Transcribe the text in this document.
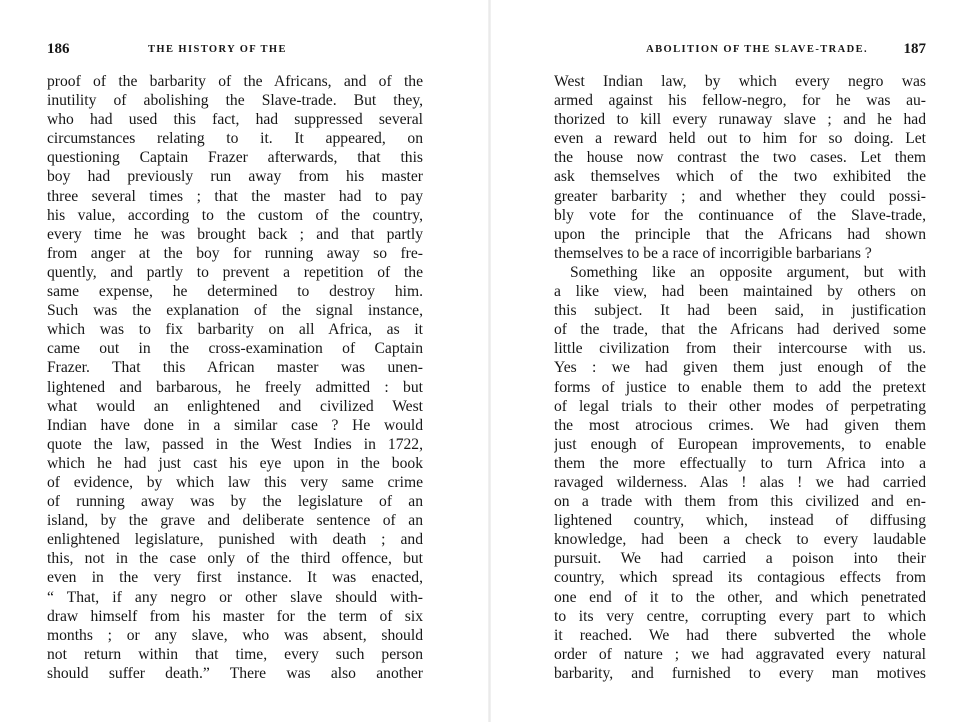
186	THE HISTORY OF THE
proof of the barbarity of the Africans, and of the
inutility of abolishing the Slave-trade. But they,
who had used this fact, had suppressed several
circumstances relating to it. It appeared, on
questioning Captain Frazer afterwards, that this
boy had previously run away from his master
three several times ; that the master had to pay
his value, according to the custom of the country,
every time he was brought back ; and that partly
from anger at the boy for running away so fre-
quently, and partly to prevent a repetition of the
same expense, he determined to destroy him.
Such was the explanation of the signal instance,
which was to fix barbarity on all Africa, as it
came out in the cross-examination of Captain
Frazer. That this African master was unen-
lightened and barbarous, he freely admitted : but
what would an enlightened and civilized West
Indian have done in a similar case ? He would
quote the law, passed in the West Indies in 1722,
which he had just cast his eye upon in the book
of evidence, by which law this very same crime
of running away was by the legislature of an
island, by the grave and deliberate sentence of an
enlightened legislature, punished with death ; and
this, not in the case only of the third offence, but
even in the very first instance. It was enacted,
“ That, if any negro or other slave should with-
draw himself from his master for the term of six
months ; or any slave, who was absent, should
not return within that time, every such person
should suffer death.” There was also another
ABOLITION OF THE SLAVE-TRADE. 187
West Indian law, by which every negro was
armed against his fellow-negro, for he was au-
thorized to kill every runaway slave ; and he had
even a reward held out to him for so doing. Let
the house now contrast the two cases. Let them
ask themselves which of the two exhibited the
greater barbarity ; and whether they could possi-
bly vote for the continuance of the Slave-trade,
upon the principle that the Africans had shown
themselves to be a race of incorrigible barbarians ?
Something like an opposite argument, but with
a like view, had been maintained by others on
this subject. It had been said, in justification
of the trade, that the Africans had derived some
little civilization from their intercourse with us.
Yes : we had given them just enough of the
forms of justice to enable them to add the pretext
of legal trials to their other modes of perpetrating
the most atrocious crimes. We had given them
just enough of European improvements, to enable
them the more effectually to turn Africa into a
ravaged wilderness. Alas ! alas ! we had carried
on a trade with them from this civilized and en-
lightened country, which, instead of diffusing
knowledge, had been a check to every laudable
pursuit. We had carried a poison into their
country, which spread its contagious effects from
one end of it to the other, and which penetrated
to its very centre, corrupting every part to which
it reached. We had there subverted the whole
order of nature ; we had aggravated every natural
barbarity, and furnished to every man motives
